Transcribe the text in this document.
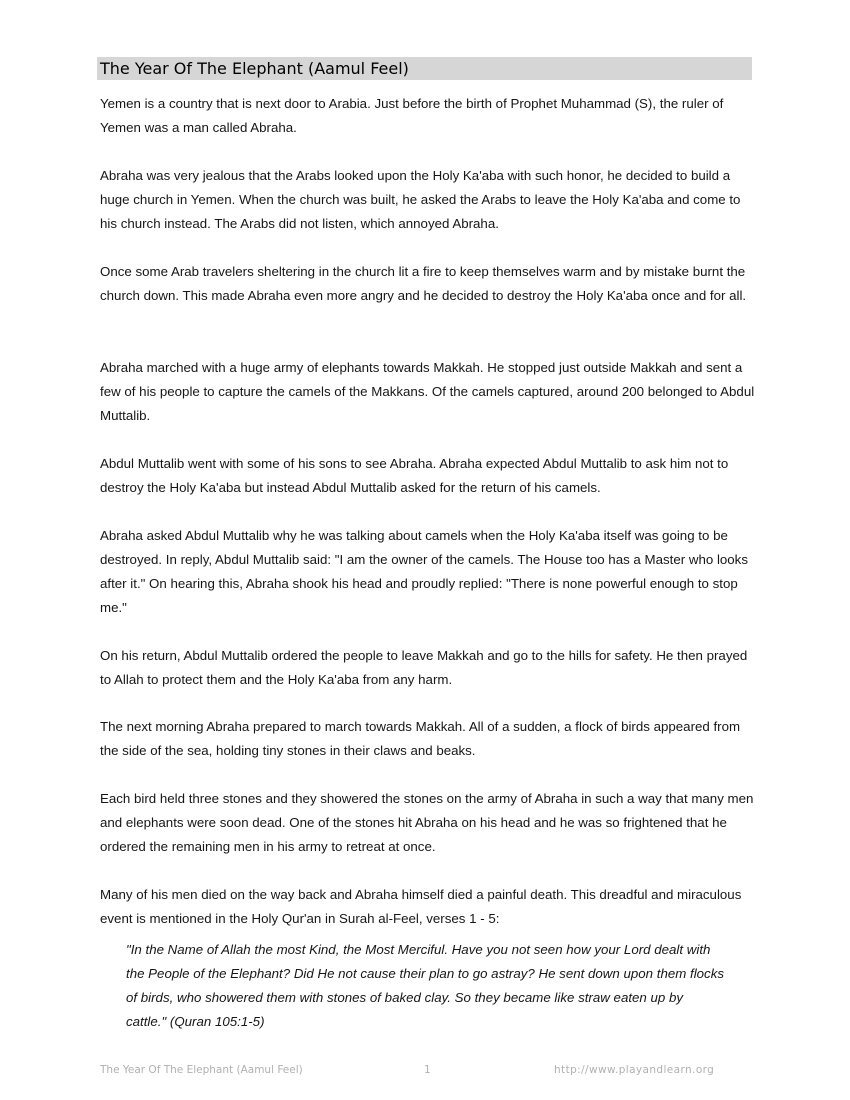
The Year Of The Elephant (Aamul Feel)
Yemen is a country that is next door to Arabia. Just before the birth of Prophet Muhammad (S), the ruler of Yemen was a man called Abraha.
Abraha was very jealous that the Arabs looked upon the Holy Ka'aba with such honor, he decided to build a huge church in Yemen. When the church was built, he asked the Arabs to leave the Holy Ka'aba and come to his church instead. The Arabs did not listen, which annoyed Abraha.
Once some Arab travelers sheltering in the church lit a fire to keep themselves warm and by mistake burnt the church down. This made Abraha even more angry and he decided to destroy the Holy Ka'aba once and for all.
Abraha marched with a huge army of elephants towards Makkah. He stopped just outside Makkah and sent a few of his people to capture the camels of the Makkans. Of the camels captured, around 200 belonged to Abdul Muttalib.
Abdul Muttalib went with some of his sons to see Abraha. Abraha expected Abdul Muttalib to ask him not to destroy the Holy Ka'aba but instead Abdul Muttalib asked for the return of his camels.
Abraha asked Abdul Muttalib why he was talking about camels when the Holy Ka'aba itself was going to be destroyed. In reply, Abdul Muttalib said: "I am the owner of the camels. The House too has a Master who looks after it." On hearing this, Abraha shook his head and proudly replied: "There is none powerful enough to stop me."
On his return, Abdul Muttalib ordered the people to leave Makkah and go to the hills for safety. He then prayed to Allah to protect them and the Holy Ka'aba from any harm.
The next morning Abraha prepared to march towards Makkah. All of a sudden, a flock of birds appeared from the side of the sea, holding tiny stones in their claws and beaks.
Each bird held three stones and they showered the stones on the army of Abraha in such a way that many men and elephants were soon dead. One of the stones hit Abraha on his head and he was so frightened that he ordered the remaining men in his army to retreat at once.
Many of his men died on the way back and Abraha himself died a painful death. This dreadful and miraculous event is mentioned in the Holy Qur'an in Surah al-Feel, verses 1 - 5:
"In the Name of Allah the most Kind, the Most Merciful. Have you not seen how your Lord dealt with the People of the Elephant? Did He not cause their plan to go astray? He sent down upon them flocks of birds, who showered them with stones of baked clay. So they became like straw eaten up by cattle." (Quran 105:1-5)
The Year Of The Elephant (Aamul Feel)	1	http://www.playandlearn.org
